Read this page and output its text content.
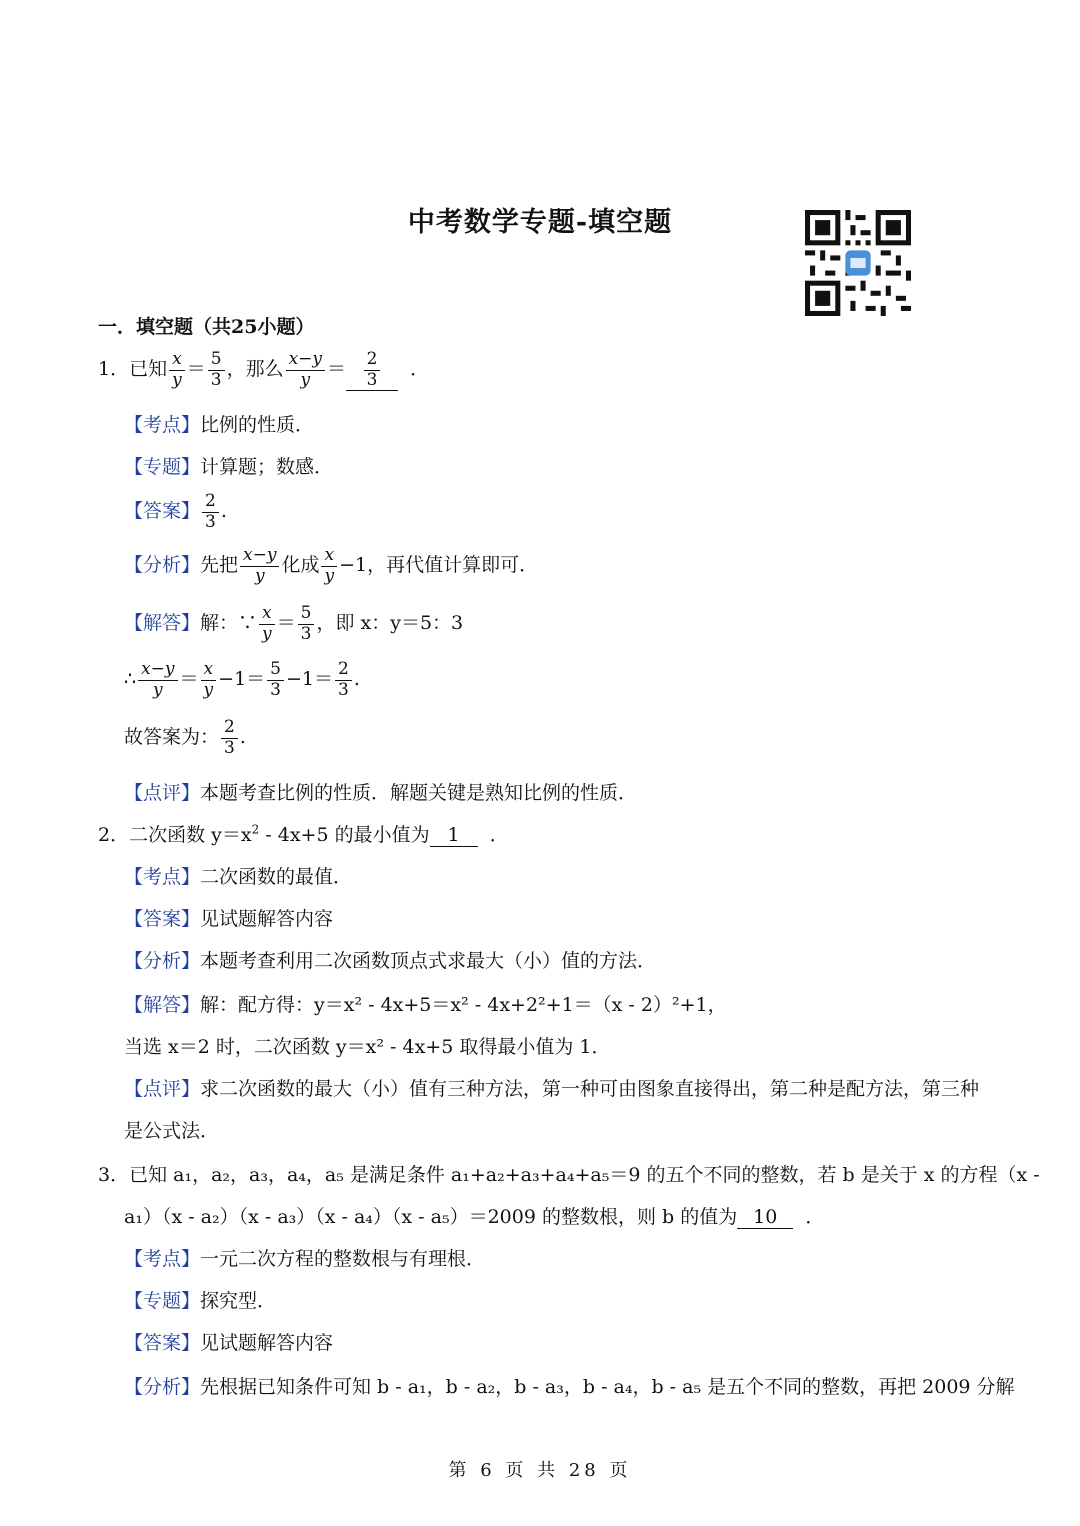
中考数学专题-填空题
一．填空题（共25小题）
1．已知 $\frac{x}{y} = \frac{5}{3}$ ，那么 $\frac{x-y}{y} = \frac{2}{3}$ ．
【考点】比例的性质．
【专题】计算题；数感．
【答案】 $\frac{2}{3}$ .
【分析】先把 $\frac{x-y}{y}$ 化成 $\frac{x}{y} -1$，再代值计算即可．
【解答】解：∵ $\frac{x}{y} = \frac{5}{3}$ ，即 x：y＝5：3
∴ $\frac{x-y}{y} = \frac{x}{y} -1= \frac{5}{3} -1= \frac{2}{3}$ .
故答案为： $\frac{2}{3}$ .
【点评】本题考查比例的性质．解题关键是熟知比例的性质．
2．二次函数 $y=x^2 - 4x+5$ 的最小值为 1 ．
【考点】二次函数的最值．
【答案】见试题解答内容
【分析】本题考查利用二次函数顶点式求最大（小）值的方法．
【解答】解：配方得：y＝x² - 4x+5＝x² - 4x+2²+1＝（x - 2）²+1，
当选 x＝2 时，二次函数 y＝x² - 4x+5 取得最小值为 1．
【点评】求二次函数的最大（小）值有三种方法，第一种可由图象直接得出，第二种是配方法，第三种
是公式法．
3．已知 a₁，a₂，a₃，a₄，a₅ 是满足条件 a₁+a₂+a₃+a₄+a₅＝9 的五个不同的整数，若 b 是关于 x 的方程（x -
a₁）（x - a₂）（x - a₃）（x - a₄）（x - a₅）＝2009 的整数根，则 b 的值为 10 ．
【考点】一元二次方程的整数根与有理根．
【专题】探究型．
【答案】见试题解答内容
【分析】先根据已知条件可知 b - a₁，b - a₂，b - a₃，b - a₄，b - a₅ 是五个不同的整数，再把 2009 分解
第 6 页 共 28 页
